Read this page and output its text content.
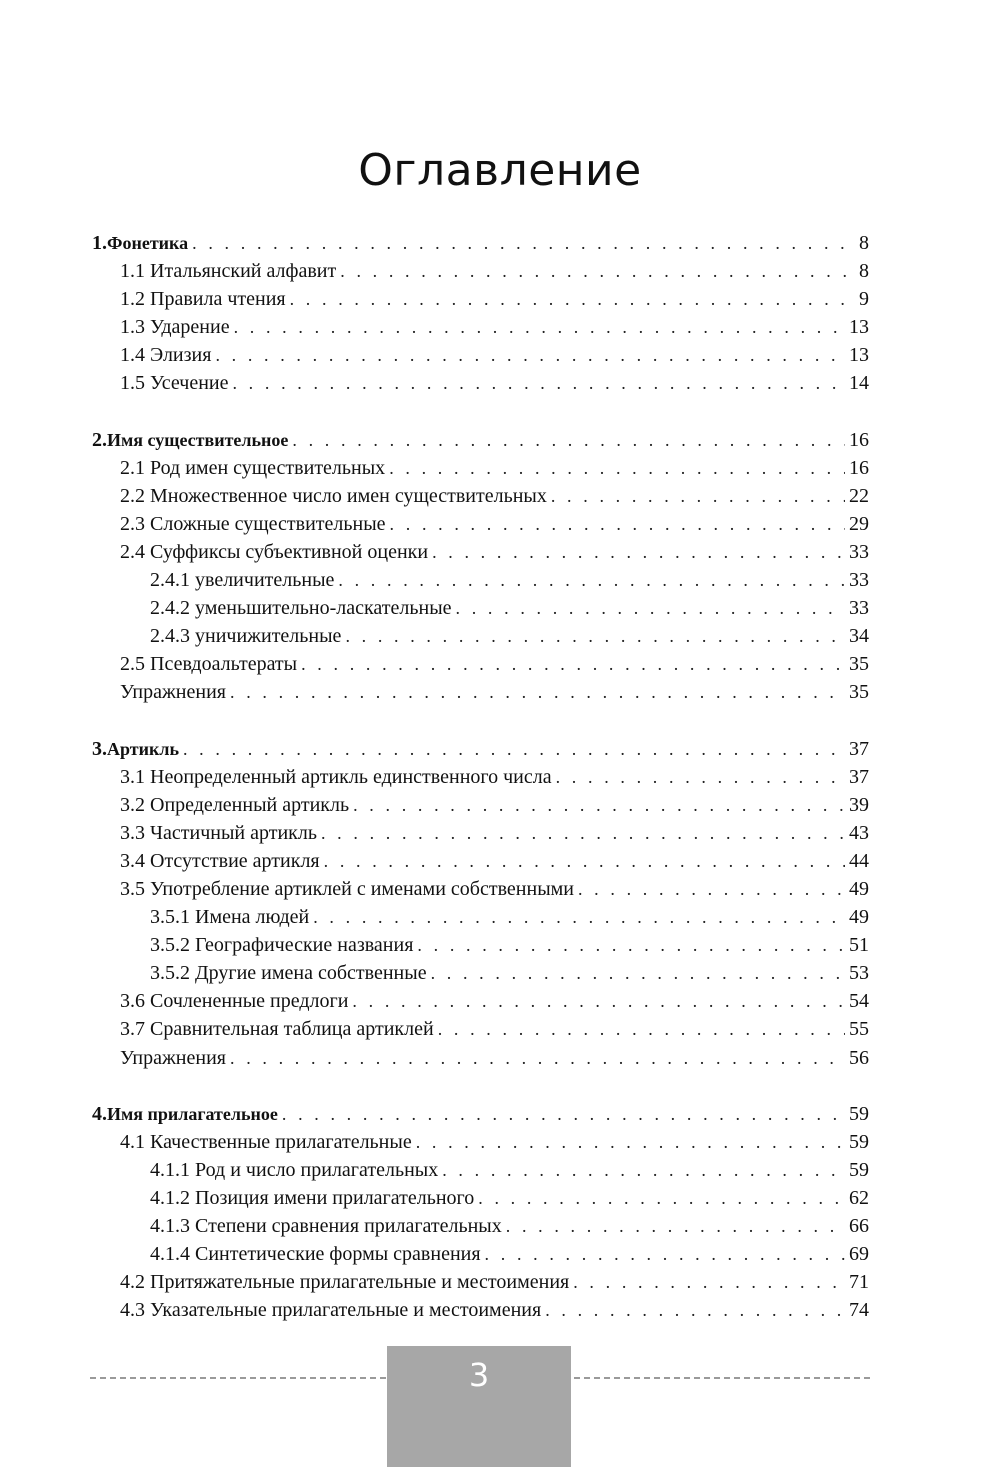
Оглавление
1. Фонетика . . .	8
1.1 Итальянский алфавит . . .	8
1.2 Правила чтения . . .	9
1.3 Ударение . . .	13
1.4 Элизия . . .	13
1.5 Усечение . . .	14
2. Имя существительное . . .	16
2.1 Род имен существительных . . .	16
2.2 Множественное число имен существительных . . .	22
2.3 Сложные существительные . . .	29
2.4 Суффиксы субъективной оценки . . .	33
2.4.1 увеличительные . . .	33
2.4.2 уменьшительно-ласкательные . . .	33
2.4.3 уничижительные . . .	34
2.5 Псевдоальтераты . . .	35
Упражнения . . .	35
3. Артикль . . .	37
3.1 Неопределенный артикль единственного числа . . .	37
3.2 Определенный артикль . . .	39
3.3 Частичный артикль . . .	43
3.4 Отсутствие артикля . . .	44
3.5 Употребление артиклей с именами собственными . . .	49
3.5.1 Имена людей . . .	49
3.5.2 Географические названия . . .	51
3.5.2 Другие имена собственные . . .	53
3.6 Сочлененные предлоги . . .	54
3.7 Сравнительная таблица артиклей . . .	55
Упражнения . . .	56
4. Имя прилагательное . . .	59
4.1 Качественные прилагательные . . .	59
4.1.1 Род и число прилагательных . . .	59
4.1.2 Позиция имени прилагательного . . .	62
4.1.3 Степени сравнения прилагательных . . .	66
4.1.4 Синтетические формы сравнения . . .	69
4.2 Притяжательные прилагательные и местоимения . . .	71
4.3 Указательные прилагательные и местоимения . . .	74
3
